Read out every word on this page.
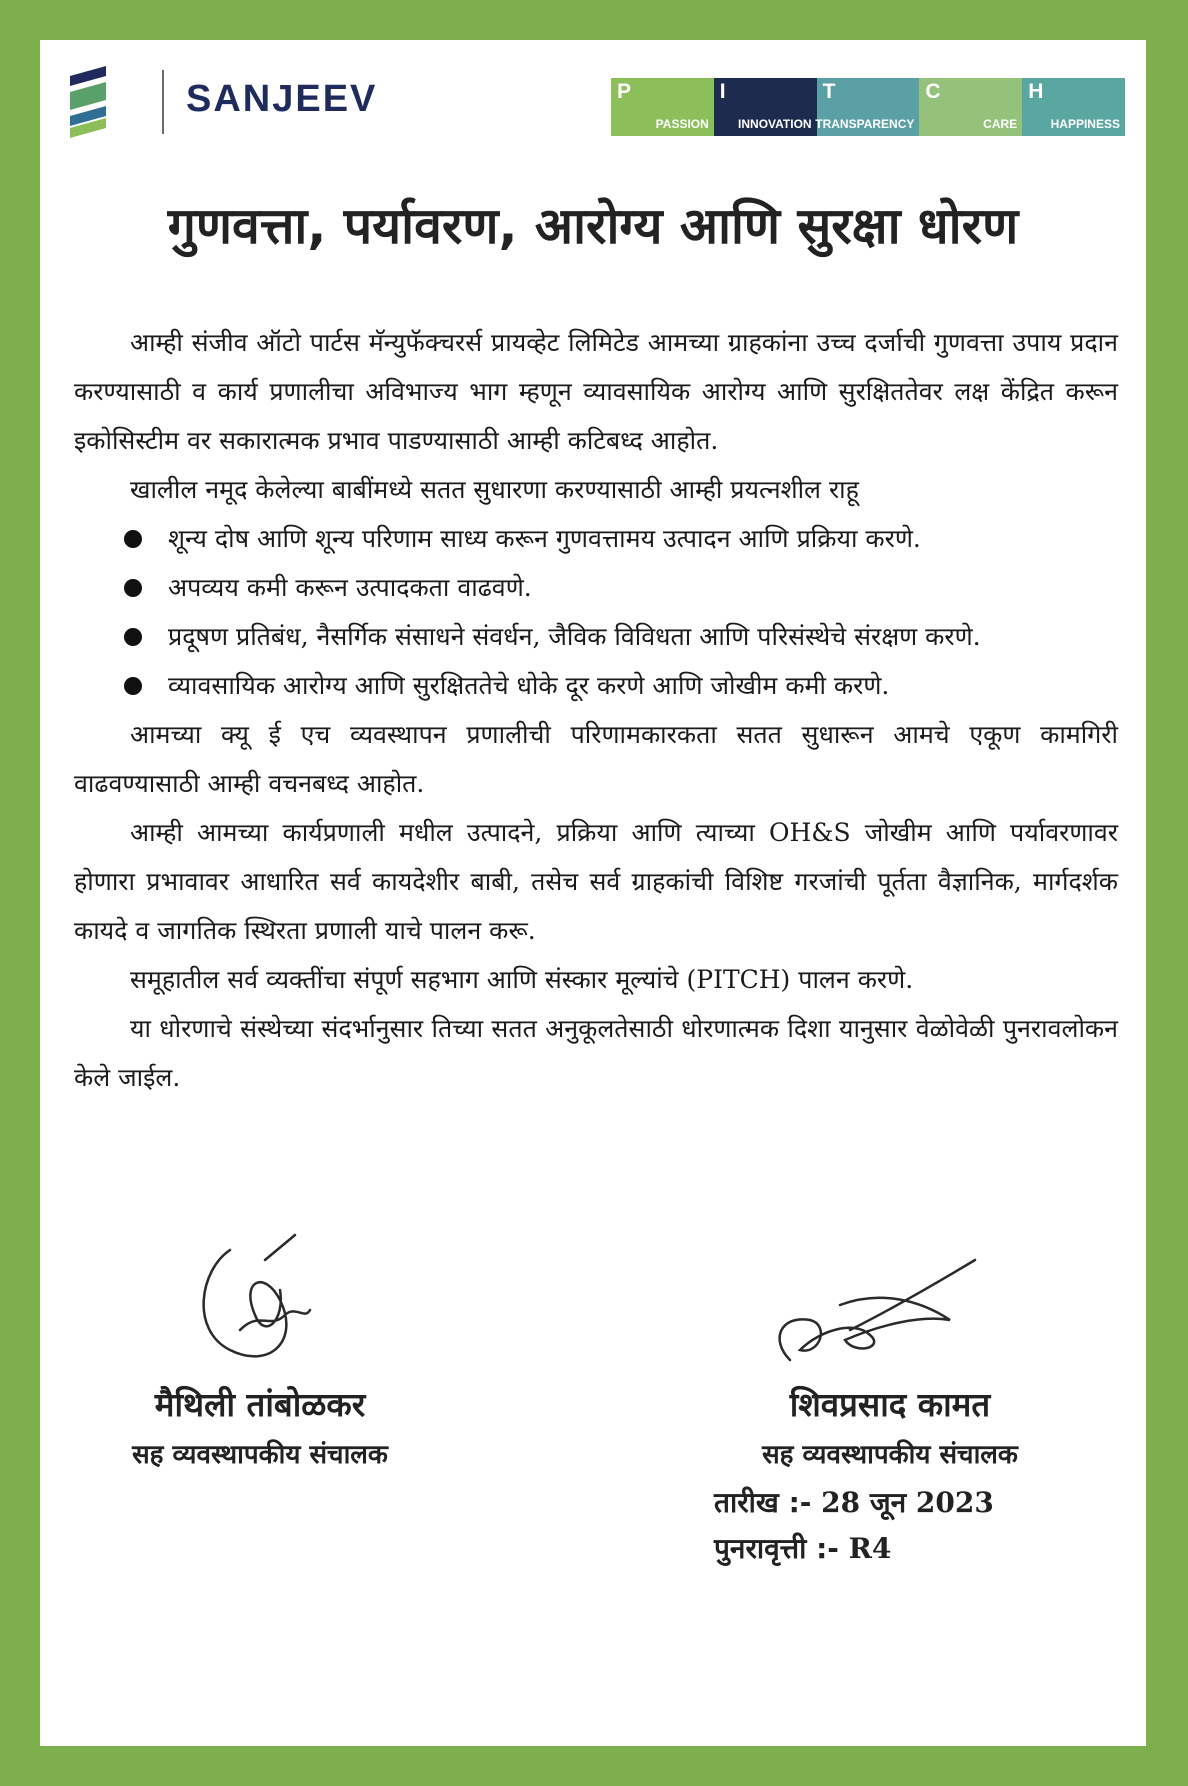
SANJEEV	P
PASSION
I
INNOVATION
T
TRANSPARENCY
C
CARE
H
HAPPINESS
गुणवत्ता, पर्यावरण, आरोग्य आणि सुरक्षा धोरण

आम्ही संजीव ऑटो पार्टस मॅन्युफॅक्चरर्स प्रायव्हेट लिमिटेड आमच्या ग्राहकांना उच्च दर्जाची गुणवत्ता उपाय प्रदान करण्यासाठी व कार्य प्रणालीचा अविभाज्य भाग म्हणून व्यावसायिक आरोग्य आणि सुरक्षिततेवर लक्ष केंद्रित करून इकोसिस्टीम वर सकारात्मक प्रभाव पाडण्यासाठी आम्ही कटिबध्द आहोत.

खालील नमूद केलेल्या बाबींमध्ये सतत सुधारणा करण्यासाठी आम्ही प्रयत्नशील राहू

शून्य दोष आणि शून्य परिणाम साध्य करून गुणवत्तामय उत्पादन आणि प्रक्रिया करणे.
अपव्यय कमी करून उत्पादकता वाढवणे.
प्रदूषण प्रतिबंध, नैसर्गिक संसाधने संवर्धन, जैविक विविधता आणि परिसंस्थेचे संरक्षण करणे.
व्यावसायिक आरोग्य आणि सुरक्षिततेचे धोके दूर करणे आणि जोखीम कमी करणे.

आमच्या क्यू ई एच व्यवस्थापन प्रणालीची परिणामकारकता सतत सुधारून आमचे एकूण कामगिरी वाढवण्यासाठी आम्ही वचनबध्द आहोत.

आम्ही आमच्या कार्यप्रणाली मधील उत्पादने, प्रक्रिया आणि त्याच्या OH&S जोखीम आणि पर्यावरणावर होणारा प्रभावावर आधारित सर्व कायदेशीर बाबी, तसेच सर्व ग्राहकांची विशिष्ट गरजांची पूर्तता वैज्ञानिक, मार्गदर्शक कायदे व जागतिक स्थिरता प्रणाली याचे पालन करू.

समूहातील सर्व व्यक्तींचा संपूर्ण सहभाग आणि संस्कार मूल्यांचे (PITCH) पालन करणे.

या धोरणाचे संस्थेच्या संदर्भानुसार तिच्या सतत अनुकूलतेसाठी धोरणात्मक दिशा यानुसार वेळोवेळी पुनरावलोकन केले जाईल.

मैथिली तांबोळकर
सह व्यवस्थापकीय संचालक
शिवप्रसाद कामत
सह व्यवस्थापकीय संचालक
तारीख :- 28 जून 2023
पुनरावृत्ती :- R4
